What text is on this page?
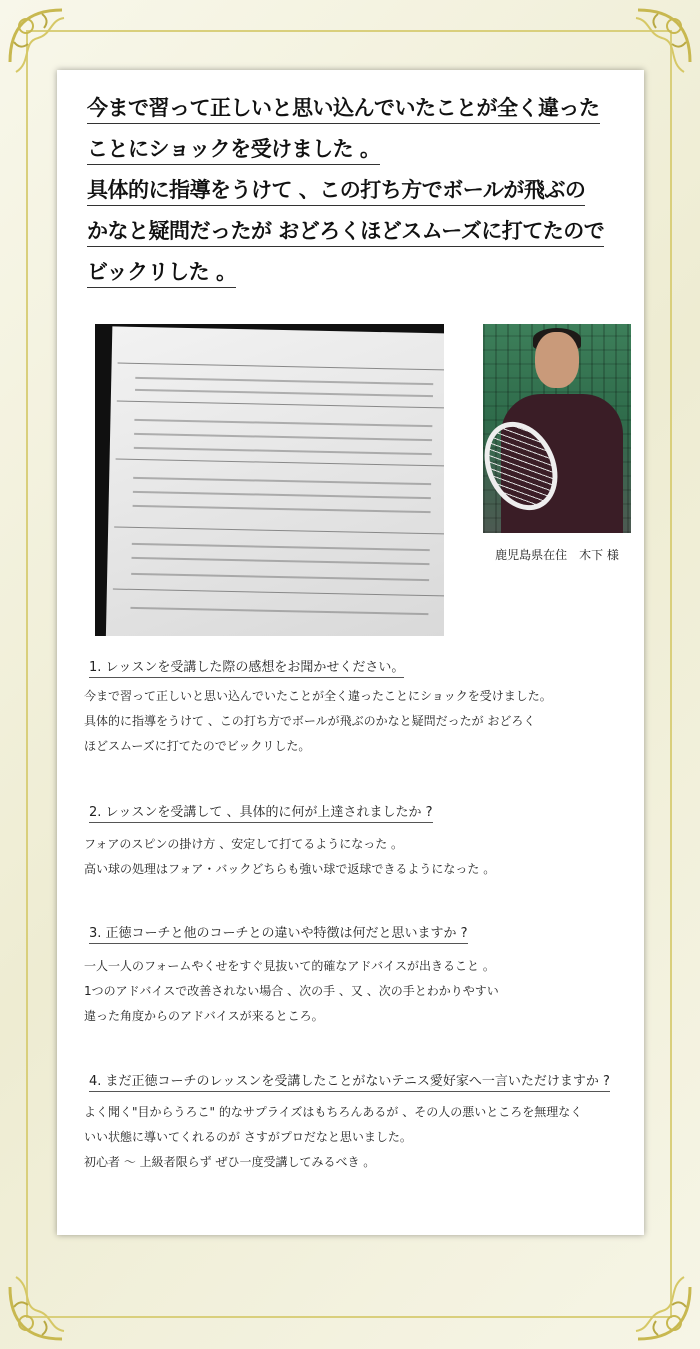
今まで習って正しいと思い込んでいたことが全く違った
ことにショックを受けました 。
具体的に指導をうけて 、この打ち方でボールが飛ぶの
かなと疑問だったが おどろくほどスムーズに打てたので
ビックリした 。
鹿児島県在住　木下 様
1. レッスンを受講した際の感想をお聞かせください。
今まで習って正しいと思い込んでいたことが全く違ったことにショックを受けました。
具体的に指導をうけて 、この打ち方でボールが飛ぶのかなと疑問だったが おどろく
ほどスムーズに打てたのでビックリした。
2. レッスンを受講して 、具体的に何が上達されましたか ?
フォアのスピンの掛け方 、安定して打てるようになった 。
高い球の処理はフォア・バックどちらも強い球で返球できるようになった 。
3. 正徳コーチと他のコーチとの違いや特徴は何だと思いますか ?
一人一人のフォームやくせをすぐ見抜いて的確なアドバイスが出きること 。
1つのアドバイスで改善されない場合 、次の手 、又 、次の手とわかりやすい
違った角度からのアドバイスが来るところ。
4. まだ正徳コーチのレッスンを受講したことがないテニス愛好家へ一言いただけますか ?
よく聞く"目からうろこ" 的なサプライズはもちろんあるが 、その人の悪いところを無理なく
いい状態に導いてくれるのが さすがプロだなと思いました。
初心者 ～ 上級者限らず ぜひ一度受講してみるべき 。
